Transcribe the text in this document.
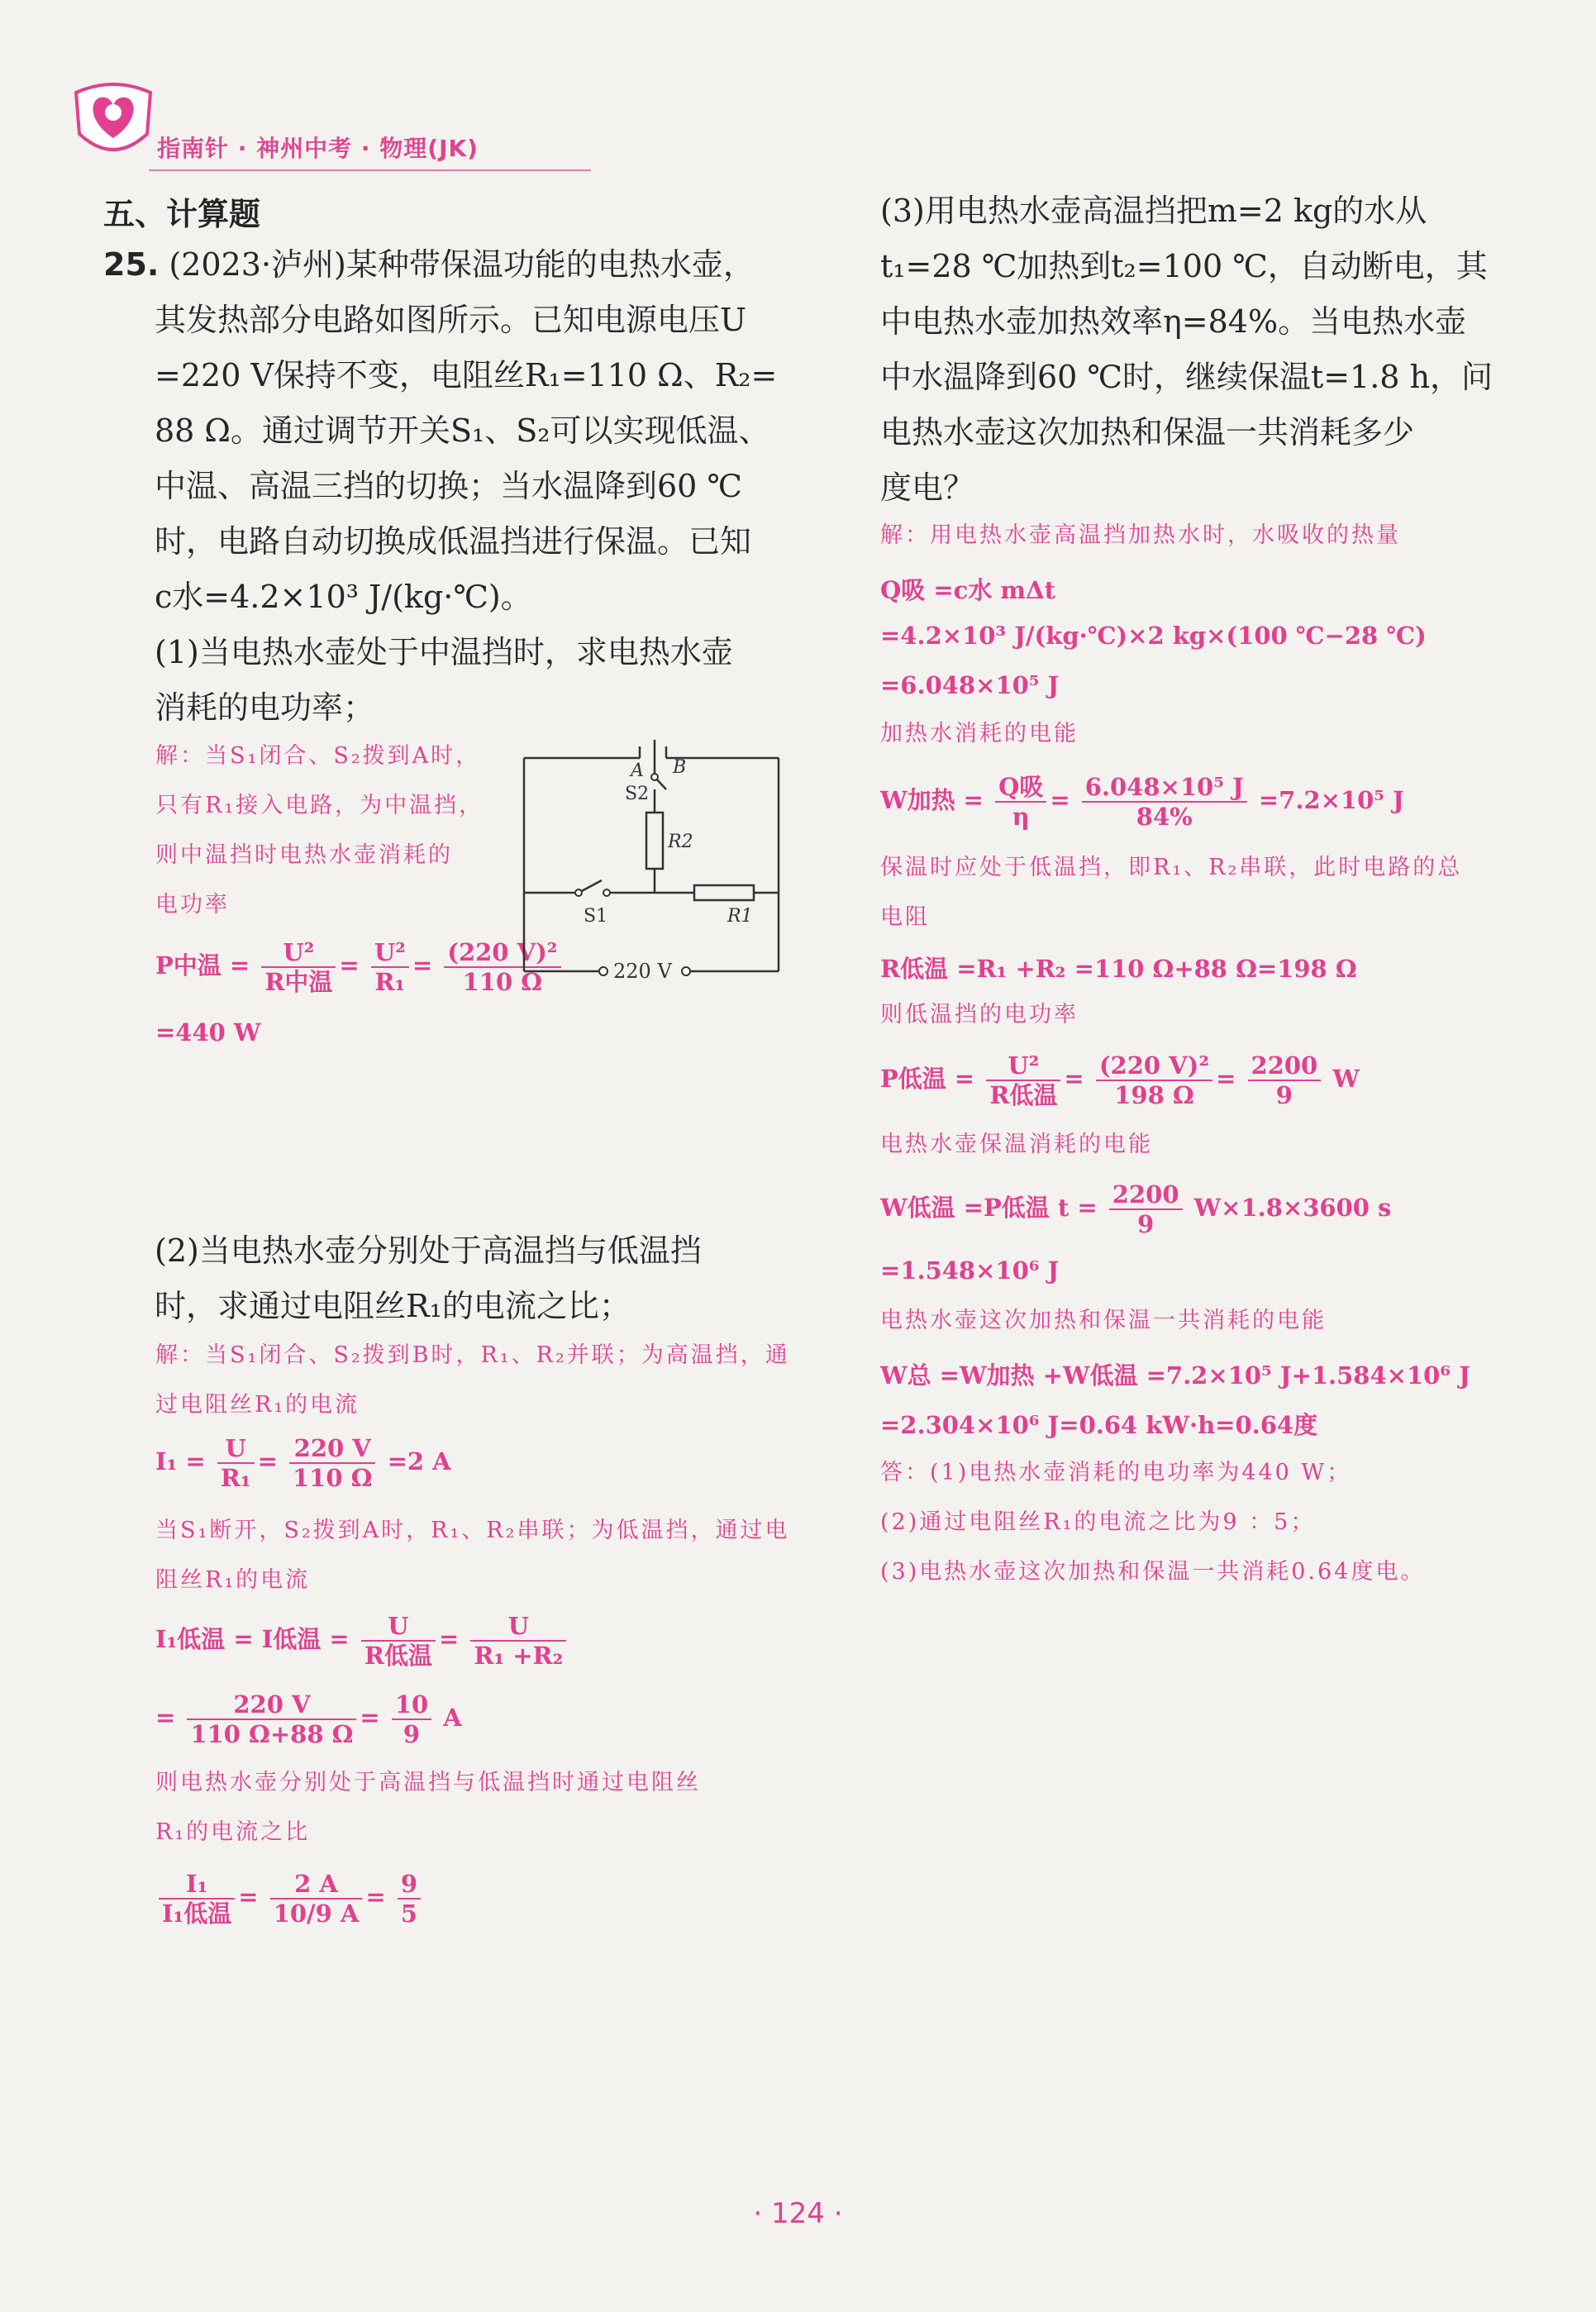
指南针 · 神州中考 · 物理(JK)
五、计算题
25. (2023·泸州)某种带保温功能的电热水壶，
其发热部分电路如图所示。已知电源电压U
=220 V保持不变，电阻丝R₁=110 Ω、R₂=
88 Ω。通过调节开关S₁、S₂可以实现低温、
中温、高温三挡的切换；当水温降到60 ℃
时，电路自动切换成低温挡进行保温。已知
c水=4.2×10³ J/(kg·℃)。
(1)当电热水壶处于中温挡时，求电热水壶
消耗的电功率；
解：当S₁闭合、S₂拨到A时，
只有R₁接入电路，为中温挡，
则中温挡时电热水壶消耗的
电功率
P中温 = $\frac{\text{U²}}{\text{R中温}} = \frac{\text{U²}}{\text{R₁}} = \frac{\text{(220 V)²}}{110 \Omega}$
=440 W
A B
S2
R2
S1	R1
220 V
(2)当电热水壶分别处于高温挡与低温挡
时，求通过电阻丝R₁的电流之比；
解：当S₁闭合、S₂拨到B时，R₁、R₂并联；为高温挡，通
过电阻丝R₁的电流
$I_1 = \frac{U}{\text{R₁}} = \frac{220 V}{110 \Omega} =2$ A
当S₁断开，S₂拨到A时，R₁、R₂串联；为低温挡，通过电
阻丝R₁的电流
I₁低温 = I低温 = $\frac{U}{\text{R低温}} = \frac{U}{\text{R₁ +R₂}}$
= $\frac{220 V}{110 \Omega+88 \Omega} = \frac{10}{9}$ A
则电热水壶分别处于高温挡与低温挡时通过电阻丝
R₁的电流之比
$\frac{\text{I₁}}{\text{I₁低温}} = \frac{2 A}{10/9 A} = \frac{9}{5}$
(3)用电热水壶高温挡把m=2 kg的水从
t₁=28 ℃加热到t₂=100 ℃，自动断电，其
中电热水壶加热效率η=84%。当电热水壶
中水温降到60 ℃时，继续保温t=1.8 h，问
电热水壶这次加热和保温一共消耗多少
度电？
解：用电热水壶高温挡加热水时，水吸收的热量
Q吸 =c水 mΔt
=4.2×10³ J/(kg·℃)×2 kg×(100 ℃−28 ℃)
=6.048×10⁵ J
加热水消耗的电能
W加热 = $\frac{\text{Q吸}}{\eta} = \frac{\text{6.048×10⁵ J}}{84\%} =7.2\times 10^5$ J
保温时应处于低温挡，即R₁、R₂串联，此时电路的总
电阻
R低温 =R₁ +R₂ =110 Ω+88 Ω=198 Ω
则低温挡的电功率
P低温 = $\frac{\text{U²}}{\text{R低温}} = \frac{\text{(220 V)²}}{198 \Omega} = \frac{2200}{9}$ W
电热水壶保温消耗的电能
W低温 =P低温 $t = \frac{2200}{9} W\times 1.8\times 3600$ s
=1.548×10⁶ J
电热水壶这次加热和保温一共消耗的电能
W总 =W加热 +W低温 =7.2×10⁵ J+1.584×10⁶ J
=2.304×10⁶ J=0.64 kW·h=0.64度
答：(1)电热水壶消耗的电功率为440 W；
(2)通过电阻丝R₁的电流之比为9 ：5；
(3)电热水壶这次加热和保温一共消耗0.64度电。
· 124 ·
